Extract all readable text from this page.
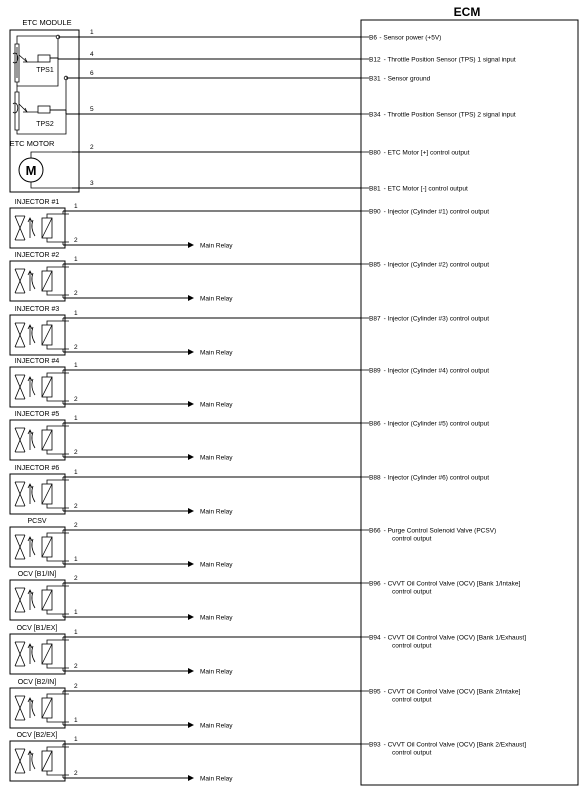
ECM
ETC MODULE
TPS1
TPS2
ETC MOTOR
M
1
B6 - Sensor power (+5V)
4
B12 - Throttle Position Sensor (TPS) 1 signal input
6
B31 - Sensor ground
5
B34 - Throttle Position Sensor (TPS) 2 signal input
2
B80 - ETC Motor [+] control output
3
B81 - ETC Motor [-] control output
INJECTOR #1
1
2
Main Relay
B90 - Injector (Cylinder #1) control output
INJECTOR #2
1
2
Main Relay
B85 - Injector (Cylinder #2) control output
INJECTOR #3
1
2
Main Relay
B87 - Injector (Cylinder #3) control output
INJECTOR #4
1
2
Main Relay
B89 - Injector (Cylinder #4) control output
INJECTOR #5
1
2
Main Relay
B86 - Injector (Cylinder #5) control output
INJECTOR #6
1
2
Main Relay
B88 - Injector (Cylinder #6) control output
PCSV
2
1
Main Relay
B66 - Purge Control Solenoid Valve (PCSV)
control output
OCV [B1/IN]
2
1
Main Relay
B96 - CVVT Oil Control Valve (OCV) [Bank 1/Intake]
control output
OCV [B1/EX]
1
2
Main Relay
B94 - CVVT Oil Control Valve (OCV) [Bank 1/Exhaust]
control output
OCV [B2/IN]
2
1
Main Relay
B95 - CVVT Oil Control Valve (OCV) [Bank 2/Intake]
control output
OCV [B2/EX]
1
2
Main Relay
B93 - CVVT Oil Control Valve (OCV) [Bank 2/Exhaust]
control output
